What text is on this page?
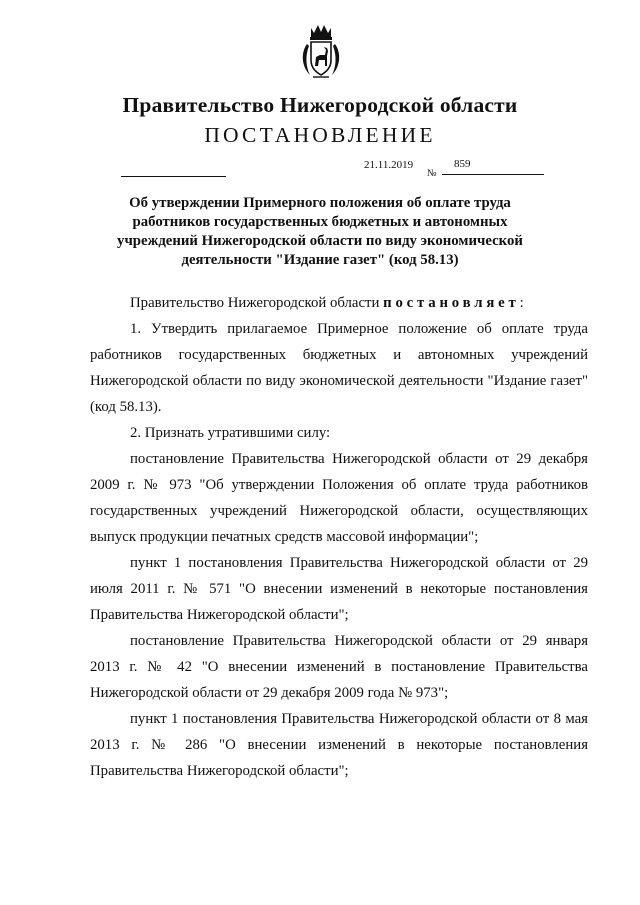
Правительство Нижегородской области
ПОСТАНОВЛЕНИЕ
21.11.2019
№
859
Об утверждении Примерного положения об оплате труда работников государственных бюджетных и автономных учреждений Нижегородской области по виду экономической деятельности "Издание газет" (код 58.13)

Правительство Нижегородской области постановляет:

1. Утвердить прилагаемое Примерное положение об оплате труда работников государственных бюджетных и автономных учреждений Нижегородской области по виду экономической деятельности "Издание газет" (код 58.13).

2. Признать утратившими силу:

постановление Правительства Нижегородской области от 29 декабря 2009 г. № 973 "Об утверждении Положения об оплате труда работников государственных учреждений Нижегородской области, осуществляющих выпуск продукции печатных средств массовой информации";

пункт 1 постановления Правительства Нижегородской области от 29 июля 2011 г. № 571 "О внесении изменений в некоторые постановления Правительства Нижегородской области";

постановление Правительства Нижегородской области от 29 января 2013 г. № 42 "О внесении изменений в постановление Правительства Нижегородской области от 29 декабря 2009 года № 973";

пункт 1 постановления Правительства Нижегородской области от 8 мая 2013 г. № 286 "О внесении изменений в некоторые постановления Правительства Нижегородской области";
